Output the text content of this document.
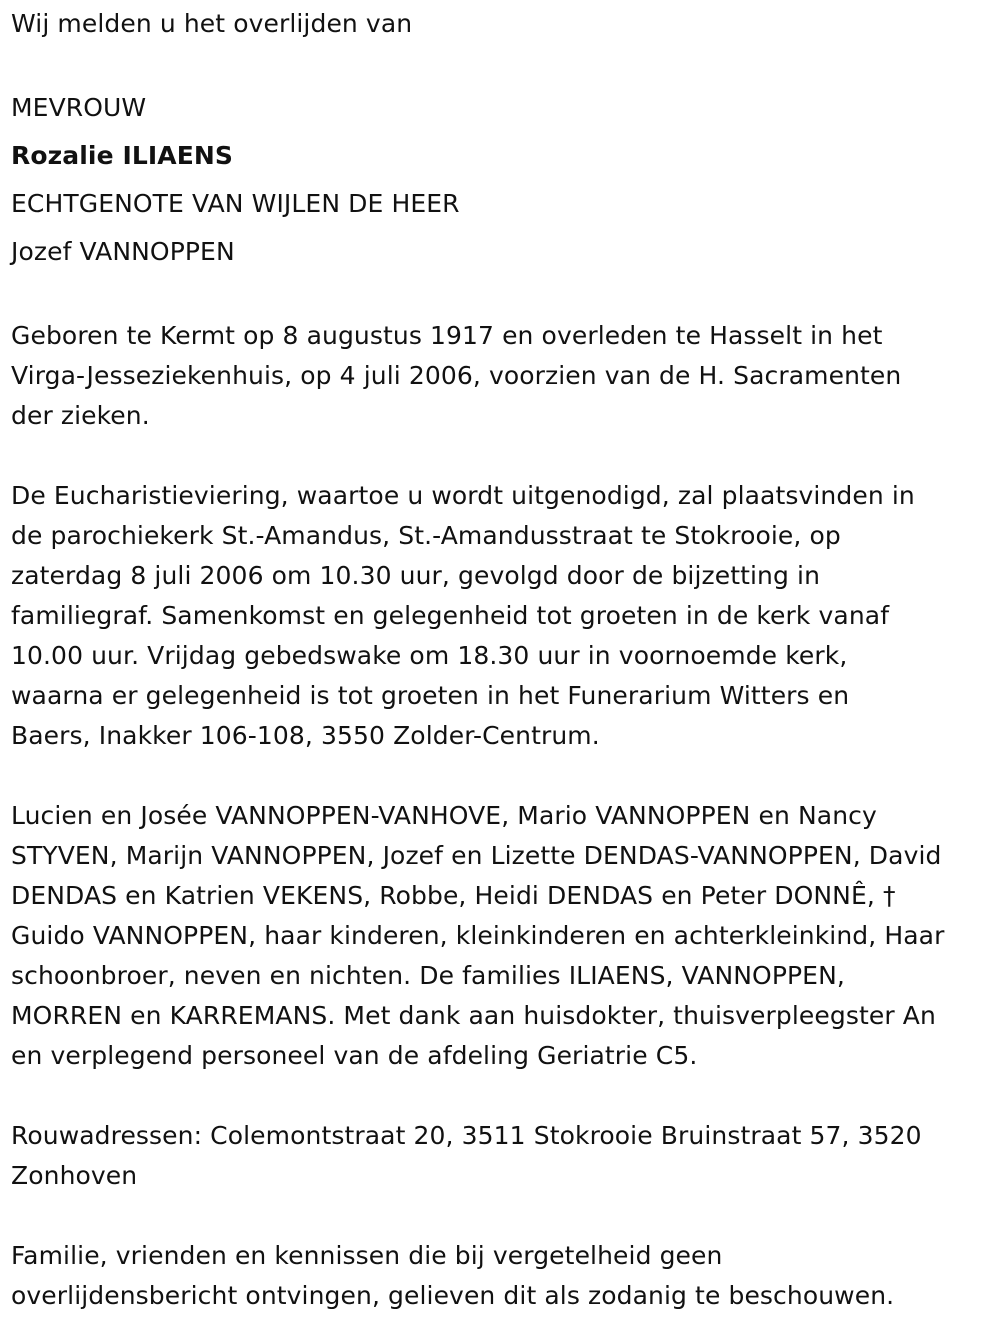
Wij melden u het overlijden van

MEVROUW

Rozalie ILIAENS

ECHTGENOTE VAN WIJLEN DE HEER

Jozef VANNOPPEN

Geboren te Kermt op 8 augustus 1917 en overleden te Hasselt in het
Virga-Jesseziekenhuis, op 4 juli 2006, voorzien van de H. Sacramenten
der zieken.

De Eucharistieviering, waartoe u wordt uitgenodigd, zal plaatsvinden in
de parochiekerk St.-Amandus, St.-Amandusstraat te Stokrooie, op
zaterdag 8 juli 2006 om 10.30 uur, gevolgd door de bijzetting in
familiegraf. Samenkomst en gelegenheid tot groeten in de kerk vanaf
10.00 uur. Vrijdag gebedswake om 18.30 uur in voornoemde kerk,
waarna er gelegenheid is tot groeten in het Funerarium Witters en
Baers, Inakker 106-108, 3550 Zolder-Centrum.

Lucien en Josée VANNOPPEN-VANHOVE, Mario VANNOPPEN en Nancy
STYVEN, Marijn VANNOPPEN, Jozef en Lizette DENDAS-VANNOPPEN, David
DENDAS en Katrien VEKENS, Robbe, Heidi DENDAS en Peter DONNÊ, †
Guido VANNOPPEN, haar kinderen, kleinkinderen en achterkleinkind, Haar
schoonbroer, neven en nichten. De families ILIAENS, VANNOPPEN,
MORREN en KARREMANS. Met dank aan huisdokter, thuisverpleegster An
en verplegend personeel van de afdeling Geriatrie C5.

Rouwadressen: Colemontstraat 20, 3511 Stokrooie Bruinstraat 57, 3520
Zonhoven

Familie, vrienden en kennissen die bij vergetelheid geen
overlijdensbericht ontvingen, gelieven dit als zodanig te beschouwen.
